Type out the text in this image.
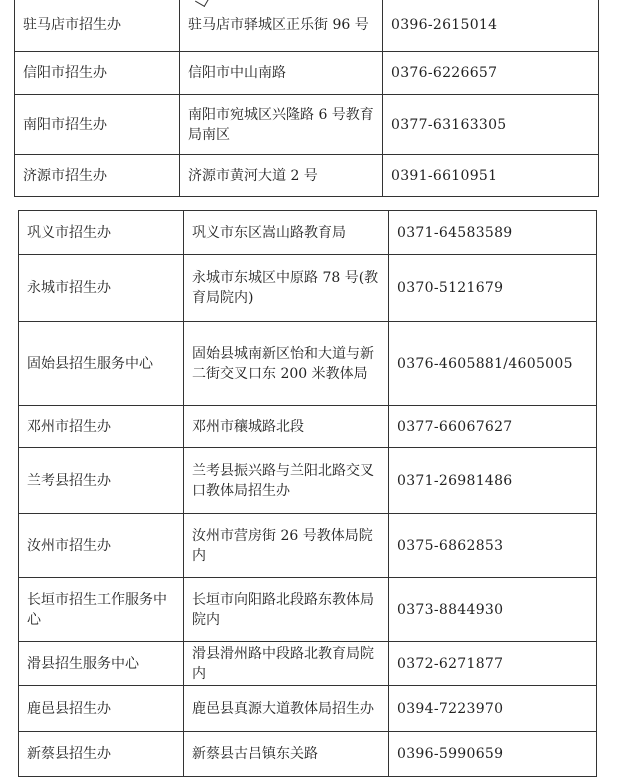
驻马店市招生办	驻马店市驿城区正乐街 96 号	0396-2615014
信阳市招生办	信阳市中山南路	0376-6226657
南阳市招生办	南阳市宛城区兴隆路 6 号教育局南区	0377-63163305
济源市招生办	济源市黄河大道 2 号	0391-6610951
巩义市招生办	巩义市东区嵩山路教育局	0371-64583589
永城市招生办	永城市东城区中原路 78 号(教育局院内)	0370-5121679
固始县招生服务中心	固始县城南新区怡和大道与新二街交叉口东 200 米教体局	0376-4605881/4605005
邓州市招生办	邓州市穰城路北段	0377-66067627
兰考县招生办	兰考县振兴路与兰阳北路交叉口教体局招生办	0371-26981486
汝州市招生办	汝州市营房街 26 号教体局院内	0375-6862853
长垣市招生工作服务中心	长垣市向阳路北段路东教体局院内	0373-8844930
滑县招生服务中心	滑县滑州路中段路北教育局院内	0372-6271877
鹿邑县招生办	鹿邑县真源大道教体局招生办	0394-7223970
新蔡县招生办	新蔡县古吕镇东关路	0396-5990659
